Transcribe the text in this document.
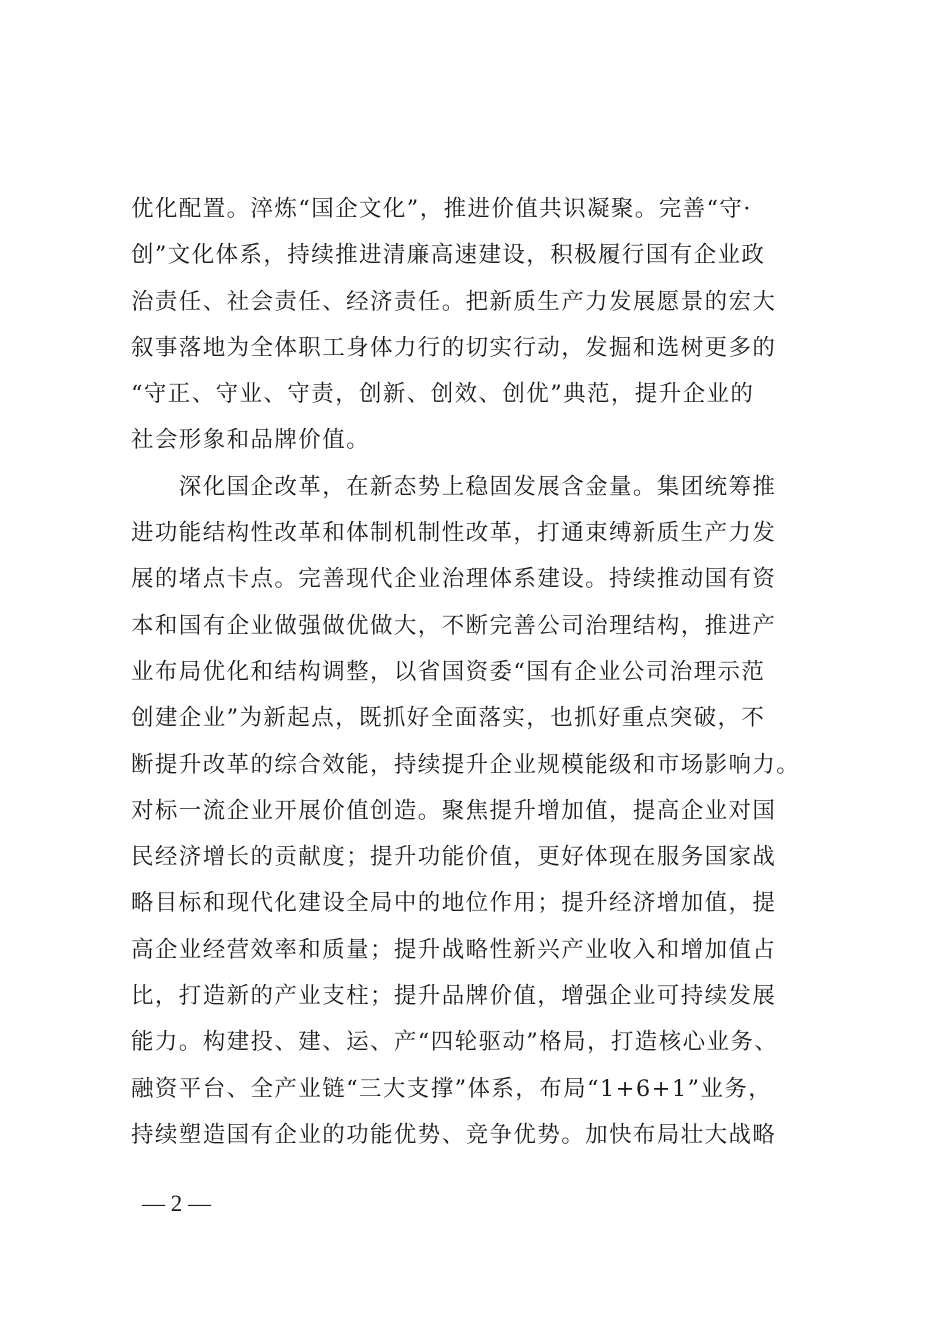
优化配置。淬炼“国企文化”，推进价值共识凝聚。完善“守·
创”文化体系，持续推进清廉高速建设，积极履行国有企业政
治责任、社会责任、经济责任。把新质生产力发展愿景的宏大
叙事落地为全体职工身体力行的切实行动，发掘和选树更多的
“守正、守业、守责，创新、创效、创优”典范，提升企业的
社会形象和品牌价值。
　　深化国企改革，在新态势上稳固发展含金量。集团统筹推
进功能结构性改革和体制机制性改革，打通束缚新质生产力发
展的堵点卡点。完善现代企业治理体系建设。持续推动国有资
本和国有企业做强做优做大，不断完善公司治理结构，推进产
业布局优化和结构调整，以省国资委“国有企业公司治理示范
创建企业”为新起点，既抓好全面落实，也抓好重点突破，不
断提升改革的综合效能，持续提升企业规模能级和市场影响力。
对标一流企业开展价值创造。聚焦提升增加值，提高企业对国
民经济增长的贡献度；提升功能价值，更好体现在服务国家战
略目标和现代化建设全局中的地位作用；提升经济增加值，提
高企业经营效率和质量；提升战略性新兴产业收入和增加值占
比，打造新的产业支柱；提升品牌价值，增强企业可持续发展
能力。构建投、建、运、产“四轮驱动”格局，打造核心业务、
融资平台、全产业链“三大支撑”体系，布局“1+6+1”业务，
持续塑造国有企业的功能优势、竞争优势。加快布局壮大战略
— 2 —
